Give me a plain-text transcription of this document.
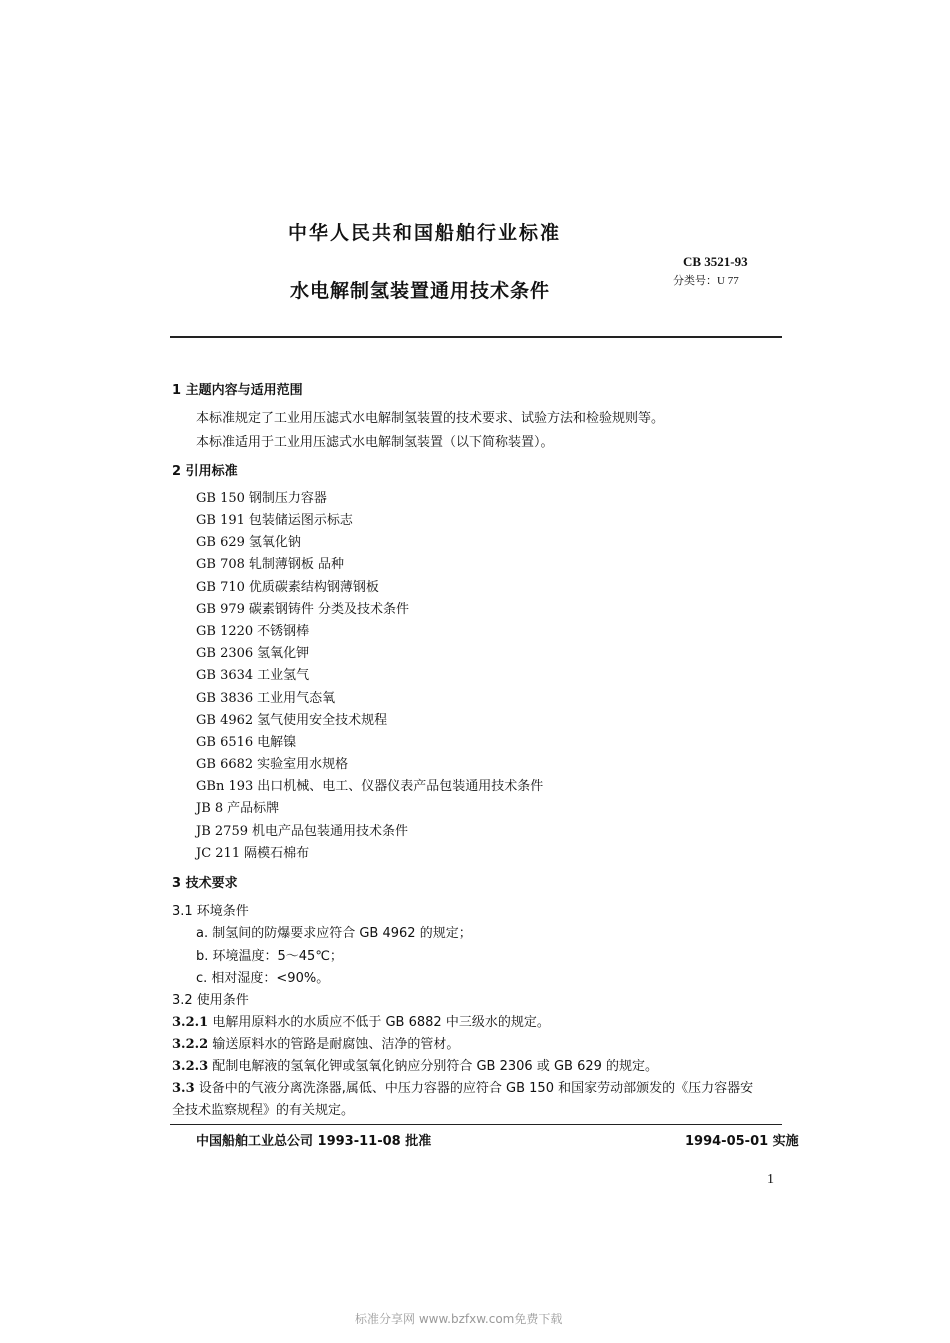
中华人民共和国船舶行业标准
CB 3521-93
分类号：U 77
水电解制氢装置通用技术条件
1 主题内容与适用范围
本标准规定了工业用压滤式水电解制氢装置的技术要求、试验方法和检验规则等。
本标准适用于工业用压滤式水电解制氢装置（以下简称装置）。
2 引用标准
GB 150 钢制压力容器
GB 191 包装储运图示标志
GB 629 氢氧化钠
GB 708 轧制薄钢板 品种
GB 710 优质碳素结构钢薄钢板
GB 979 碳素钢铸件 分类及技术条件
GB 1220 不锈钢棒
GB 2306 氢氧化钾
GB 3634 工业氢气
GB 3836 工业用气态氧
GB 4962 氢气使用安全技术规程
GB 6516 电解镍
GB 6682 实验室用水规格
GBn 193 出口机械、电工、仪器仪表产品包装通用技术条件
JB 8 产品标牌
JB 2759 机电产品包装通用技术条件
JC 211 隔模石棉布
3 技术要求
3.1 环境条件
a. 制氢间的防爆要求应符合 GB 4962 的规定；
b. 环境温度：5～45℃；
c. 相对湿度：<90%。
3.2 使用条件
3.2.1 电解用原料水的水质应不低于 GB 6882 中三级水的规定。
3.2.2 输送原料水的管路是耐腐蚀、洁净的管材。
3.2.3 配制电解液的氢氧化钾或氢氧化钠应分别符合 GB 2306 或 GB 629 的规定。
3.3 设备中的气液分离洗涤器,属低、中压力容器的应符合 GB 150 和国家劳动部颁发的《压力容器安
全技术监察规程》的有关规定。
中国船舶工业总公司 1993-11-08 批准	1994-05-01 实施
1
标准分享网 www.bzfxw.com免费下载
